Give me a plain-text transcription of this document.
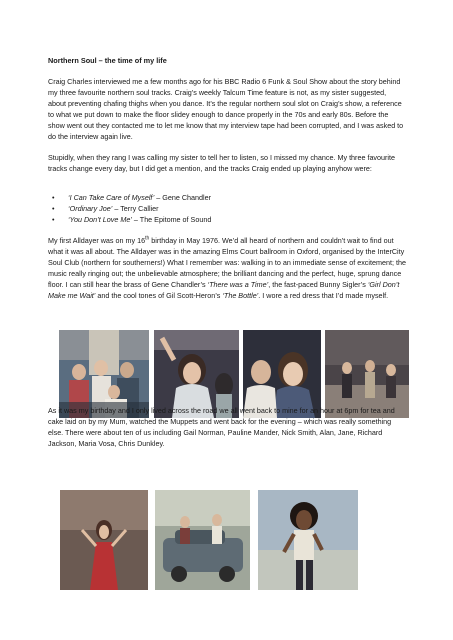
Northern Soul – the time of my life
Craig Charles interviewed me a few months ago for his BBC Radio 6 Funk & Soul Show about the story behind my three favourite northern soul tracks. Craig’s weekly Talcum Time feature is not, as my sister suggested, about preventing chafing thighs when you dance. It’s the regular northern soul slot on Craig’s show, a reference to what we put down to make the floor slidey enough to dance properly in the 70s and early 80s. Before the show went out they contacted me to let me know that my interview tape had been corrupted, and I was asked to do the interview again live.
Stupidly, when they rang I was calling my sister to tell her to listen, so I missed my chance. My three favourite tracks change every day, but I did get a mention, and the tracks Craig ended up playing anyhow were:
• ‘I Can Take Care of Myself’ – Gene Chandler
• ‘Ordinary Joe’ – Terry Callier
• ‘You Don’t Love Me’ – The Epitome of Sound
My first Alldayer was on my 16th birthday in May 1976. We’d all heard of northern and couldn’t wait to find out what it was all about. The Alldayer was in the amazing Elms Court ballroom in Oxford, organised by the InterCity Soul Club (northern for southerners!) What I remember was: walking in to an immediate sense of excitement; the music really ringing out; the unbelievable atmosphere; the brilliant dancing and the perfect, huge, sprung dance floor. I can still hear the brass of Gene Chandler’s ‘There was a Time’, the fast-paced Bunny Sigler’s ‘Girl Don’t Make me Wait’ and the cool tones of Gil Scott-Heron’s ‘The Bottle’. I wore a red dress that I’d made myself.
As it was my birthday and I only lived across the road we all went back to mine for an hour at 6pm for tea and cake laid on by my Mum, watched the Muppets and went back for the evening – which was really something else. There were about ten of us including Gail Norman, Pauline Mander, Nick Smith, Alan, Jane, Richard Jackson, Maria Vosa, Chris Dunkley.
